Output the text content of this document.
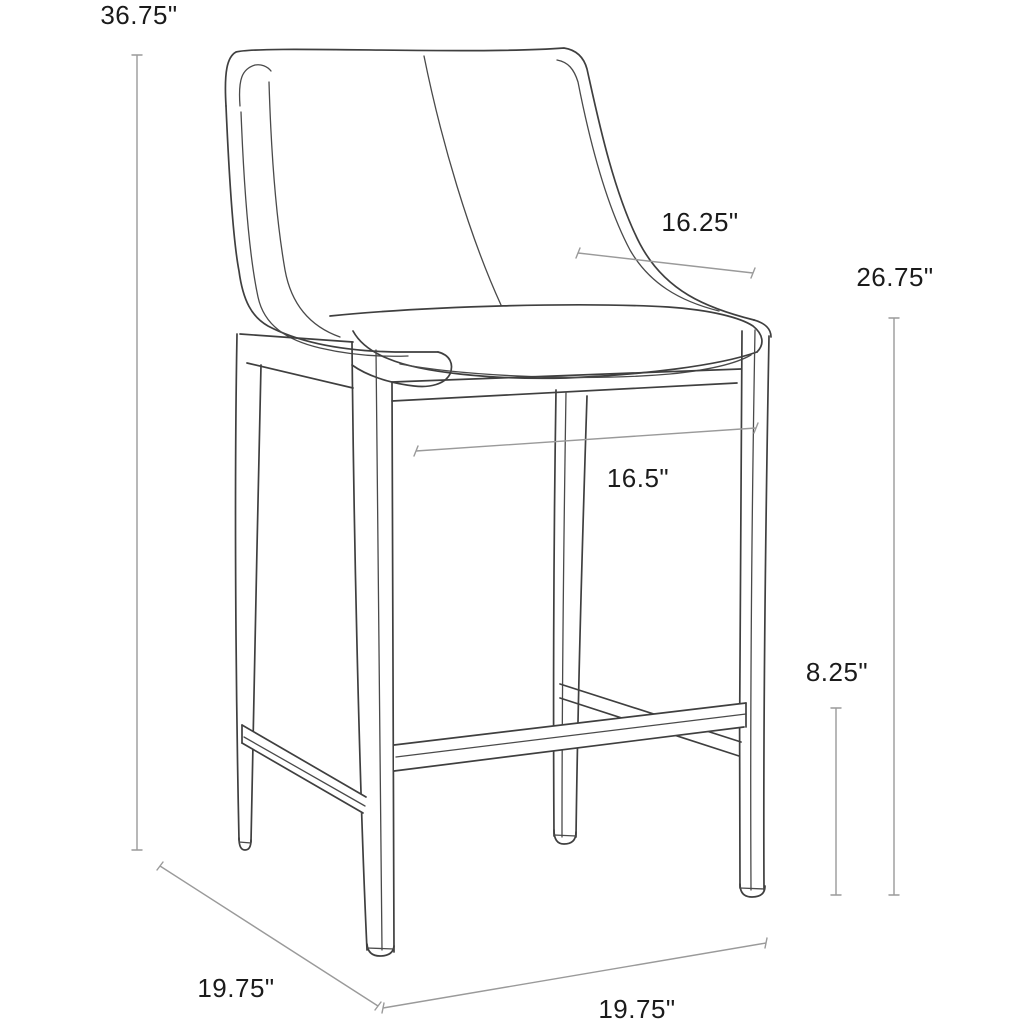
36.75"
16.25"
26.75"
16.5"
8.25"
19.75"
19.75"
